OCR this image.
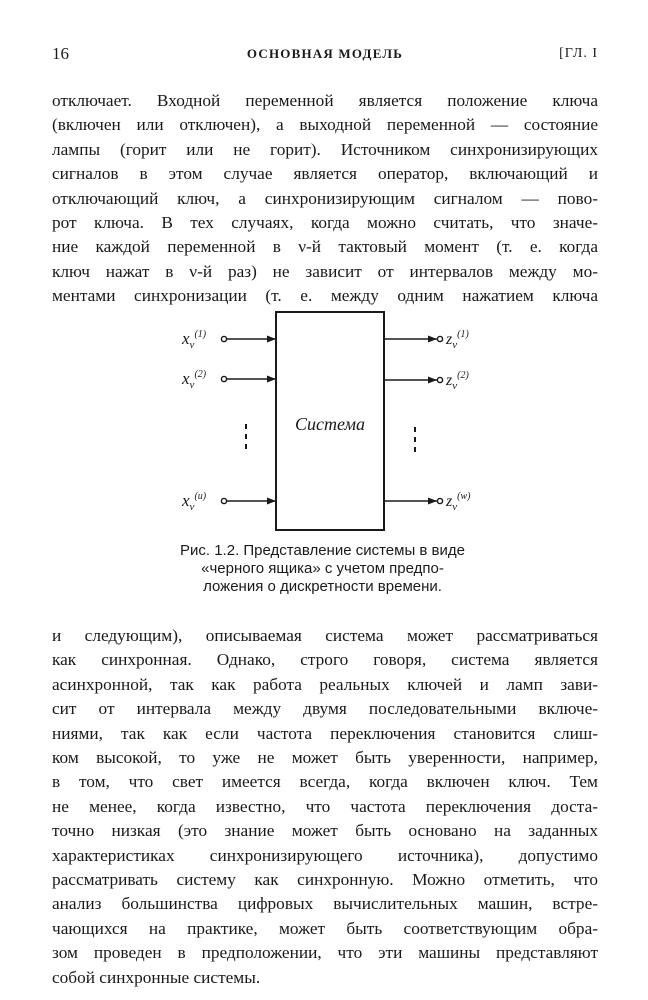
16	ОСНОВНАЯ МОДЕЛЬ	[ГЛ. I
отключает. Входной переменной является положение ключа
(включен или отключен), а выходной переменной — состояние
лампы (горит или не горит). Источником синхронизирующих
сигналов в этом случае является оператор, включающий и
отключающий ключ, а синхронизирующим сигналом — пово-
рот ключа. В тех случаях, когда можно считать, что значе-
ние каждой переменной в ν-й тактовый момент (т. е. когда
ключ нажат в ν-й раз) не зависит от интервалов между мо-
ментами синхронизации (т. е. между одним нажатием ключа
Система
$x_\nu^{(1)}$
$x_\nu^{(2)}$
$x_\nu^{(u)}$
$z_\nu^{(1)}$
$z_\nu^{(2)}$
$z_\nu^{(w)}$
Рис. 1.2. Представление системы в виде
«черного ящика» с учетом предпо-
ложения о дискретности времени.
и следующим), описываемая система может рассматриваться
как синхронная. Однако, строго говоря, система является
асинхронной, так как работа реальных ключей и ламп зави-
сит от интервала между двумя последовательными включе-
ниями, так как если частота переключения становится слиш-
ком высокой, то уже не может быть уверенности, например,
в том, что свет имеется всегда, когда включен ключ. Тем
не менее, когда известно, что частота переключения доста-
точно низкая (это знание может быть основано на заданных
характеристиках синхронизирующего источника), допустимо
рассматривать систему как синхронную. Можно отметить, что
анализ большинства цифровых вычислительных машин, встре-
чающихся на практике, может быть соответствующим обра-
зом проведен в предположении, что эти машины представляют
собой синхронные системы.
